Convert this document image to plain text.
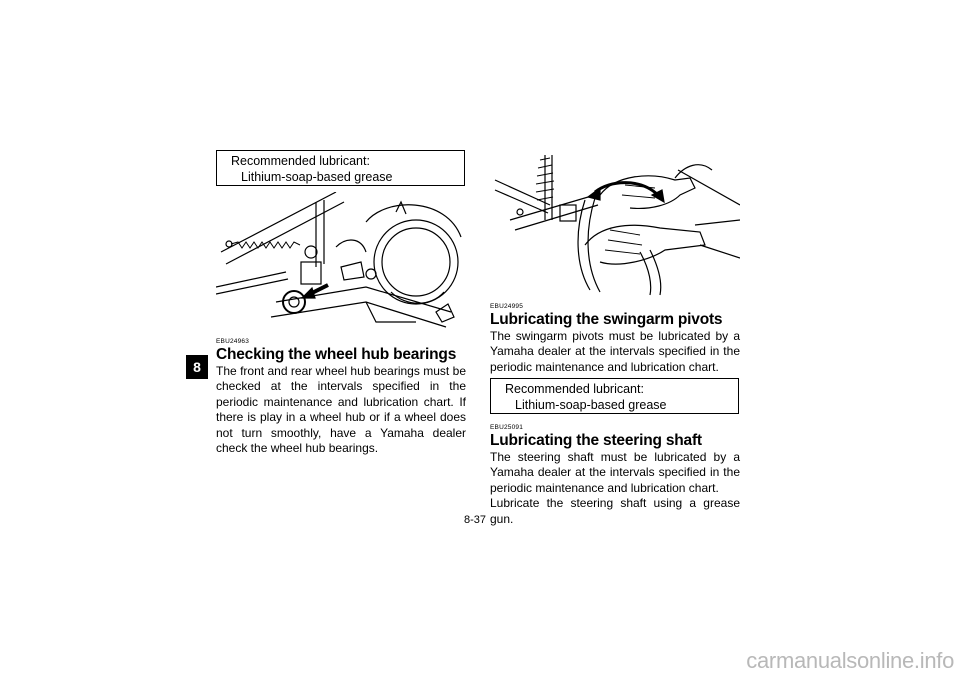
8
Recommended lubricant:
Lithium-soap-based grease

EBU24963

Checking the wheel hub bearings

The front and rear wheel hub bearings must be checked at the intervals specified in the periodic maintenance and lubrication chart. If there is play in a wheel hub or if a wheel does not turn smoothly, have a Yamaha dealer check the wheel hub bearings.

EBU24995

Lubricating the swingarm pivots

The swingarm pivots must be lubricated by a Yamaha dealer at the intervals specified in the periodic maintenance and lubrication chart.

Recommended lubricant:
Lithium-soap-based grease

EBU25091

Lubricating the steering shaft

The steering shaft must be lubricated by a Yamaha dealer at the intervals specified in the periodic maintenance and lubrication chart.

Lubricate the steering shaft using a grease gun.

8-37
carmanualsonline.info
